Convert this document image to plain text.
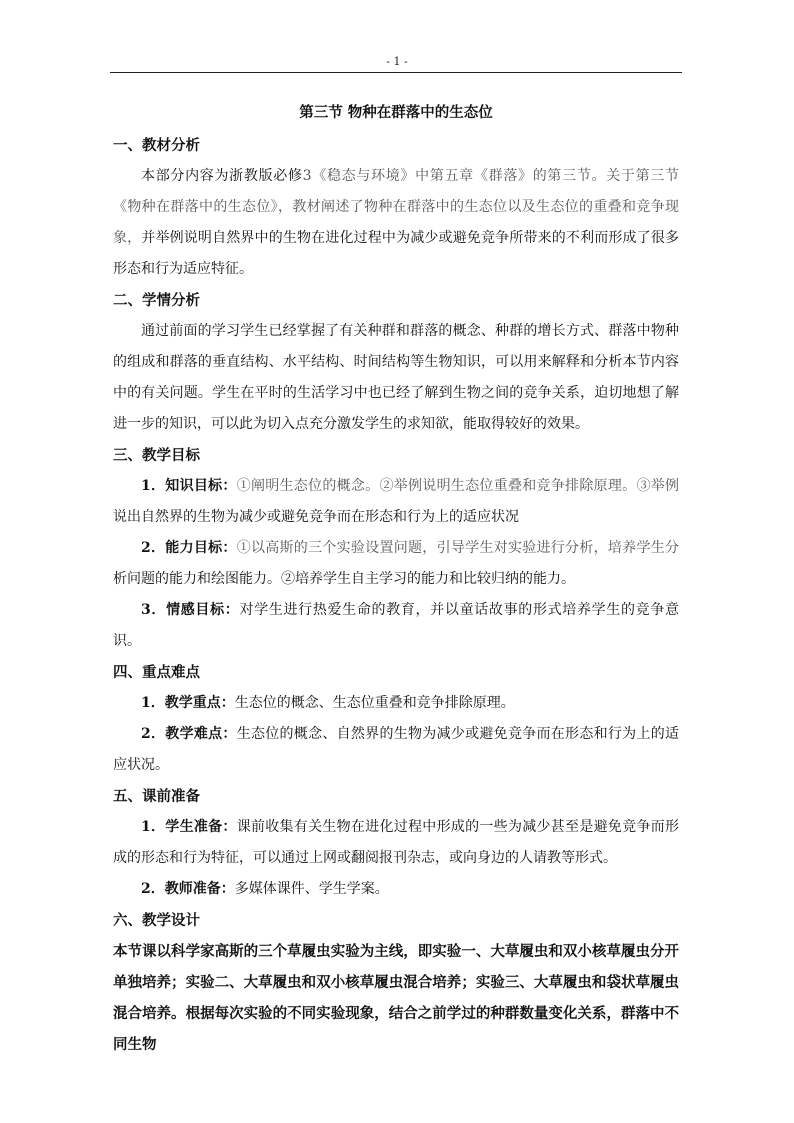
- 1 -
第三节 物种在群落中的生态位
一、教材分析

本部分内容为浙教版必修3《稳态与环境》中第五章《群落》的第三节。关于第三节《物种在群落中的生态位》，教材阐述了物种在群落中的生态位以及生态位的重叠和竞争现象，并举例说明自然界中的生物在进化过程中为减少或避免竞争所带来的不利而形成了很多形态和行为适应特征。

二、学情分析

通过前面的学习学生已经掌握了有关种群和群落的概念、种群的增长方式、群落中物种的组成和群落的垂直结构、水平结构、时间结构等生物知识，可以用来解释和分析本节内容中的有关问题。学生在平时的生活学习中也已经了解到生物之间的竞争关系，迫切地想了解进一步的知识，可以此为切入点充分激发学生的求知欲，能取得较好的效果。

三、教学目标

1．知识目标：①阐明生态位的概念。②举例说明生态位重叠和竞争排除原理。③举例说出自然界的生物为减少或避免竞争而在形态和行为上的适应状况

2．能力目标：①以高斯的三个实验设置问题，引导学生对实验进行分析，培养学生分析问题的能力和绘图能力。②培养学生自主学习的能力和比较归纳的能力。

3．情感目标：对学生进行热爱生命的教育，并以童话故事的形式培养学生的竞争意识。

四、重点难点

1．教学重点：生态位的概念、生态位重叠和竞争排除原理。

2．教学难点：生态位的概念、自然界的生物为减少或避免竞争而在形态和行为上的适应状况。

五、课前准备

1．学生准备：课前收集有关生物在进化过程中形成的一些为减少甚至是避免竞争而形成的形态和行为特征，可以通过上网或翻阅报刊杂志，或向身边的人请教等形式。

2．教师准备：多媒体课件、学生学案。

六、教学设计

本节课以科学家高斯的三个草履虫实验为主线，即实验一、大草履虫和双小核草履虫分开单独培养；实验二、大草履虫和双小核草履虫混合培养；实验三、大草履虫和袋状草履虫混合培养。根据每次实验的不同实验现象，结合之前学过的种群数量变化关系，群落中不同生物
